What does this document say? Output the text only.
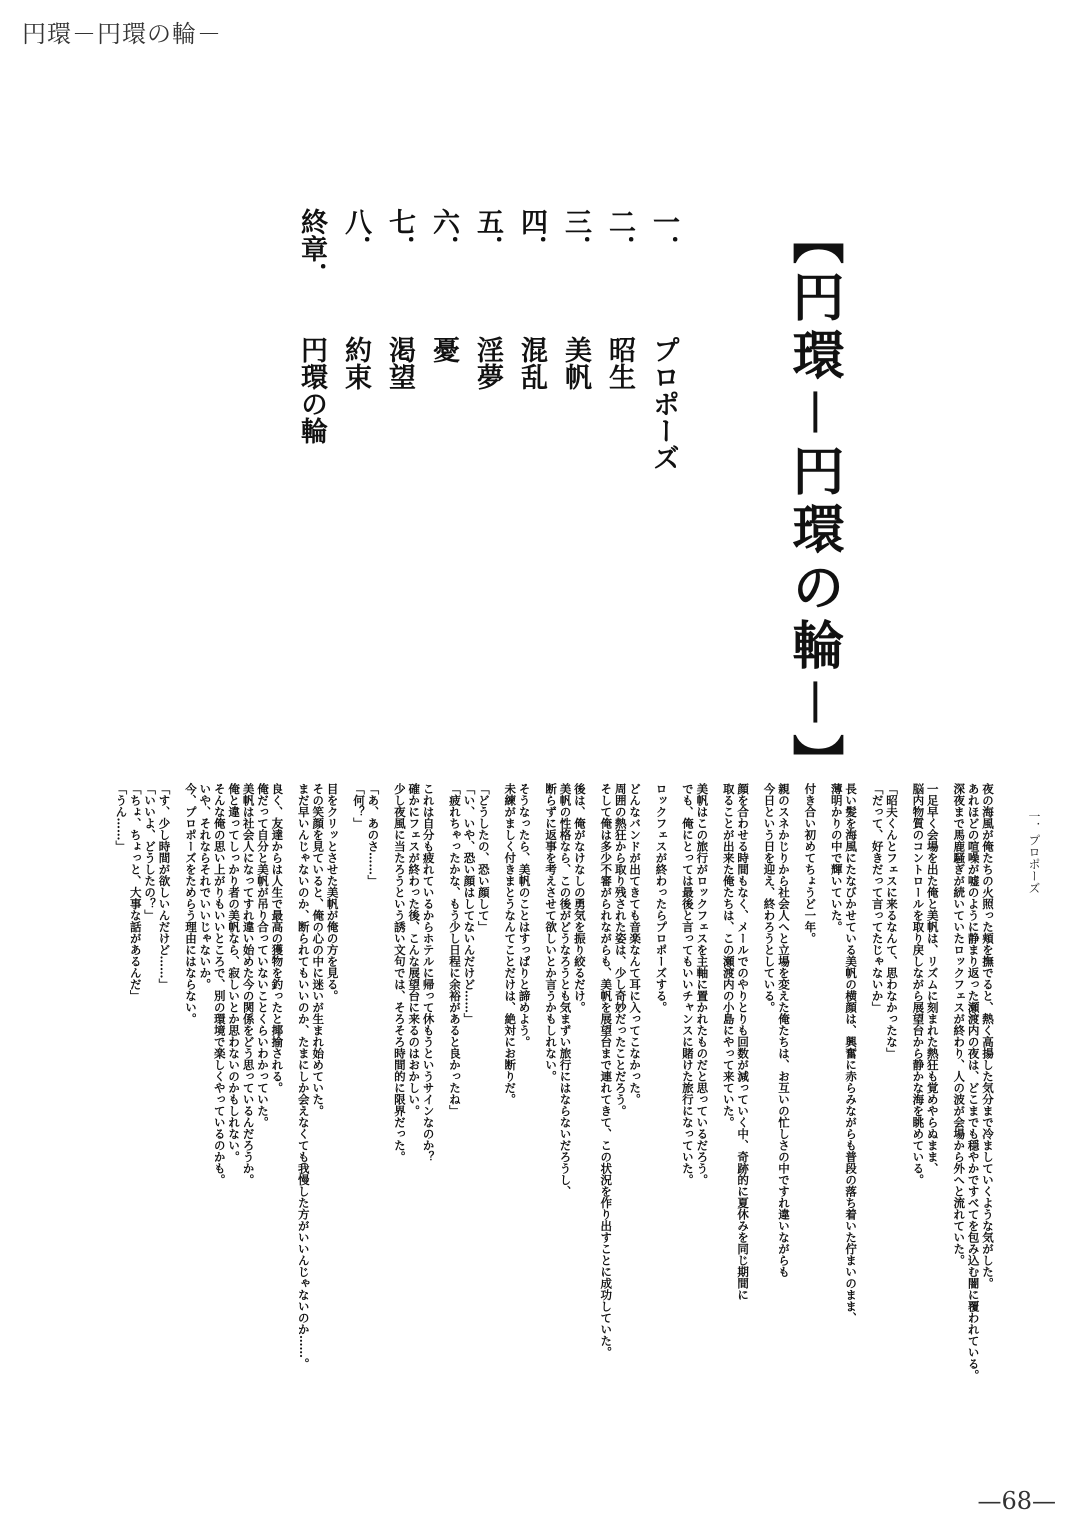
円環－円環の輪－
【円環－円環の輪－】
一．プロポーズ
二．昭生
三．美帆
四．混乱
五．淫夢
六．憂
七．渇望
八．約束
終章．円環の輪
一．プロポーズ
夜の海風が俺たちの火照った頬を撫でると、熱く高揚した気分まで冷ましていくような気がした。
あれほどの喧噪が嘘のように静まり返った瀬渡内の夜は、どこまでも穏やかですべてを包み込む闇に覆われている。
深夜まで馬鹿騒ぎが続いていたロックフェスが終わり、人の波が会場から外へと流れていた。
一足早く会場を出た俺と美帆は、リズムに刻まれた熱狂も覚めやらぬまま、
脳内物質のコントロールを取り戻しながら展望台から静かな海を眺めている。
「昭夫くんとフェスに来るなんて、思わなかったな」
「だって、好きだって言ってたじゃないか」
長い髪を海風にたなびかせている美帆の横顔は、興奮に赤らみながらも普段の落ち着いた佇まいのまま、
薄明かりの中で輝いていた。
付き合い初めてちょうど一年。
親のスネかじりから社会人へと立場を変えた俺たちは、お互いの忙しさの中ですれ違いながらも
今日という日を迎え、終わろうとしている。
顔を合わせる時間もなく、メールでのやりとりも回数が減っていく中、奇跡的に夏休みを同じ期間に
取ることが出来た俺たちは、この瀬渡内の小島にやって来ていた。
美帆はこの旅行がロックフェスを主軸に置かれたものだと思っているだろう。
でも、俺にとっては最後と言ってもいいチャンスに賭けた旅行になっていた。
ロックフェスが終わったらプロポーズする。
どんなバンドが出てきても音楽なんて耳に入ってこなかった。
周囲の熱狂から取り残された姿は、少し奇妙だったことだろう。
そして俺は多少不審がられながらも、美帆を展望台まで連れてきて、この状況を作り出すことに成功していた。
後は、俺がなけなしの勇気を振り絞るだけ。
美帆の性格なら、この後がどうなろうとも気まずい旅行にはならないだろうし、
断らずに返事を考えさせて欲しいとか言うかもしれない。
そうなったら、美帆のことはすっぱりと諦めよう。
未練がましく付きまとうなんてことだけは、絶対にお断りだ。
「どうしたの、恐い顔して」
「い、いや、恐い顔はしてないんだけど……」
「疲れちゃったかな、もう少し日程に余裕があると良かったね」
これは自分も疲れているからホテルに帰って休もうというサインなのか？
確かにフェスが終わった後、こんな展望台に来るのはおかしい。
少し夜風に当たろうという誘い文句では、そろそろ時間的に限界だった。
「あ、あのさ……」
「何？」
目をクリッとさせた美帆が俺の方を見る。
その笑顔を見ていると、俺の心の中に迷いが生まれ始めていた。
まだ早いんじゃないのか、断られてもいいのか、たまにしか会えなくても我慢した方がいいんじゃないのか……。
良く、友達からは人生で最高の獲物を釣ったと揶揄される。
俺だって自分と美帆が吊り合っていないことくらいわかっていた。
美帆は社会人になってすれ違い始めた今の関係をどう思っているんだろうか。
俺と違ってしっかり者の美帆なら、寂しいとか思わないのかもしれない。
そんな俺の思い上がりもいいところで、別の環境で楽しくやっているのかも。
いや、それならそれでいいじゃないか。
今、プロポーズをためらう理由にはならない。
「す、少し時間が欲しいんだけど……」
「いいよ、どうしたの？」
「ちょ、ちょっと、大事な話があるんだ」
「うん……」
—68—
